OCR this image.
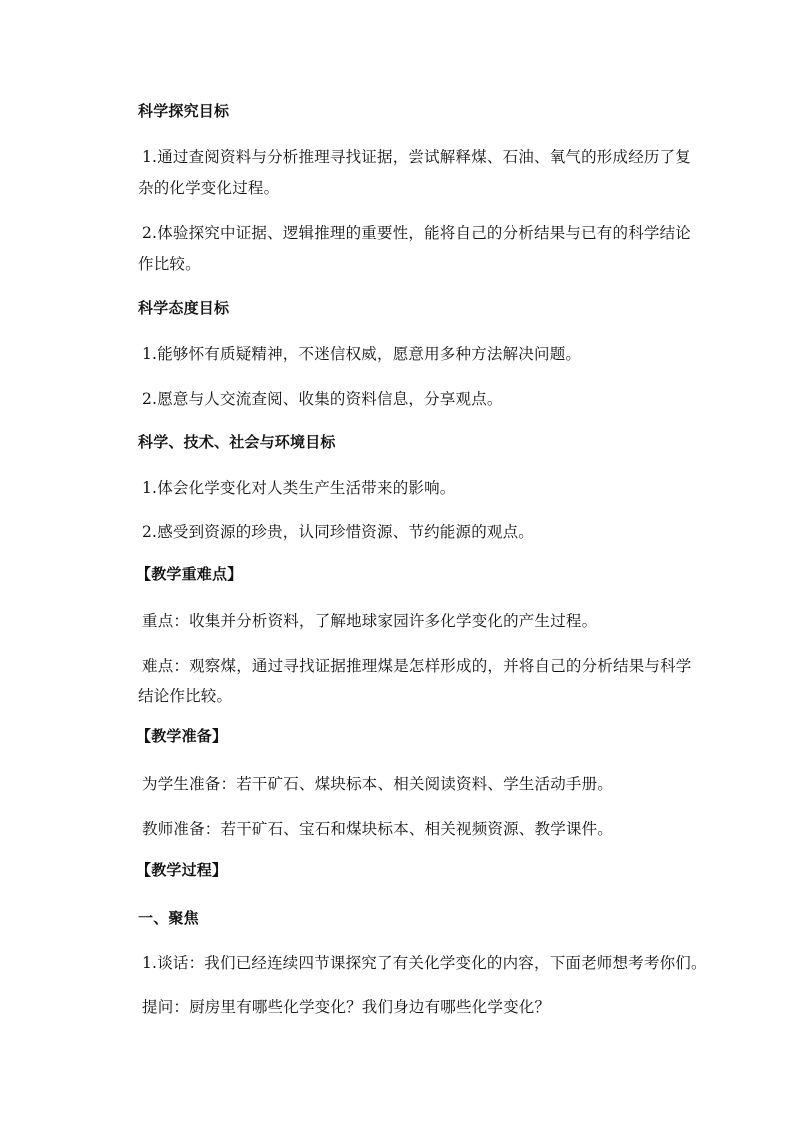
科学探究目标
1.通过查阅资料与分析推理寻找证据，尝试解释煤、石油、氧气的形成经历了复
杂的化学变化过程。
2.体验探究中证据、逻辑推理的重要性，能将自己的分析结果与已有的科学结论
作比较。
科学态度目标
1.能够怀有质疑精神，不迷信权威，愿意用多种方法解决问题。
2.愿意与人交流查阅、收集的资料信息，分享观点。
科学、技术、社会与环境目标
1.体会化学变化对人类生产生活带来的影响。
2.感受到资源的珍贵，认同珍惜资源、节约能源的观点。
【教学重难点】
重点：收集并分析资料，了解地球家园许多化学变化的产生过程。
难点：观察煤，通过寻找证据推理煤是怎样形成的，并将自己的分析结果与科学
结论作比较。
【教学准备】
为学生准备：若干矿石、煤块标本、相关阅读资料、学生活动手册。
教师准备：若干矿石、宝石和煤块标本、相关视频资源、教学课件。
【教学过程】
一、聚焦
1.谈话：我们已经连续四节课探究了有关化学变化的内容，下面老师想考考你们。
提问：厨房里有哪些化学变化？我们身边有哪些化学变化？
